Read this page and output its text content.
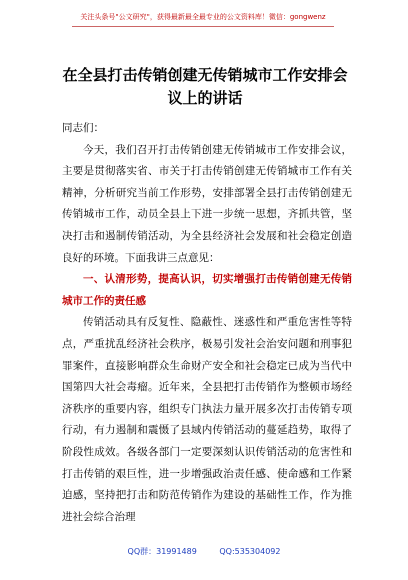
关注头条号"公文研究"，获得最新最全最专业的公文资料库！微信：gongwenz
在全县打击传销创建无传销城市工作安排会议上的讲话

同志们：

今天，我们召开打击传销创建无传销城市工作安排会议，主要是贯彻落实省、市关于打击传销创建无传销城市工作有关精神，分析研究当前工作形势，安排部署全县打击传销创建无传销城市工作，动员全县上下进一步统一思想，齐抓共管，坚决打击和遏制传销活动，为全县经济社会发展和社会稳定创造良好的环境。下面我讲三点意见：

一、认清形势，提高认识，切实增强打击传销创建无传销城市工作的责任感

传销活动具有反复性、隐蔽性、迷惑性和严重危害性等特点，严重扰乱经济社会秩序，极易引发社会治安问题和刑事犯罪案件，直接影响群众生命财产安全和社会稳定已成为当代中国第四大社会毒瘤。近年来，全县把打击传销作为整顿市场经济秩序的重要内容，组织专门执法力量开展多次打击传销专项行动，有力遏制和震慑了县域内传销活动的蔓延趋势，取得了阶段性成效。各级各部门一定要深刻认识传销活动的危害性和打击传销的艰巨性，进一步增强政治责任感、使命感和工作紧迫感，坚持把打击和防范传销作为建设的基础性工作，作为推进社会综合治理

QQ群：31991489	QQ:535304092
